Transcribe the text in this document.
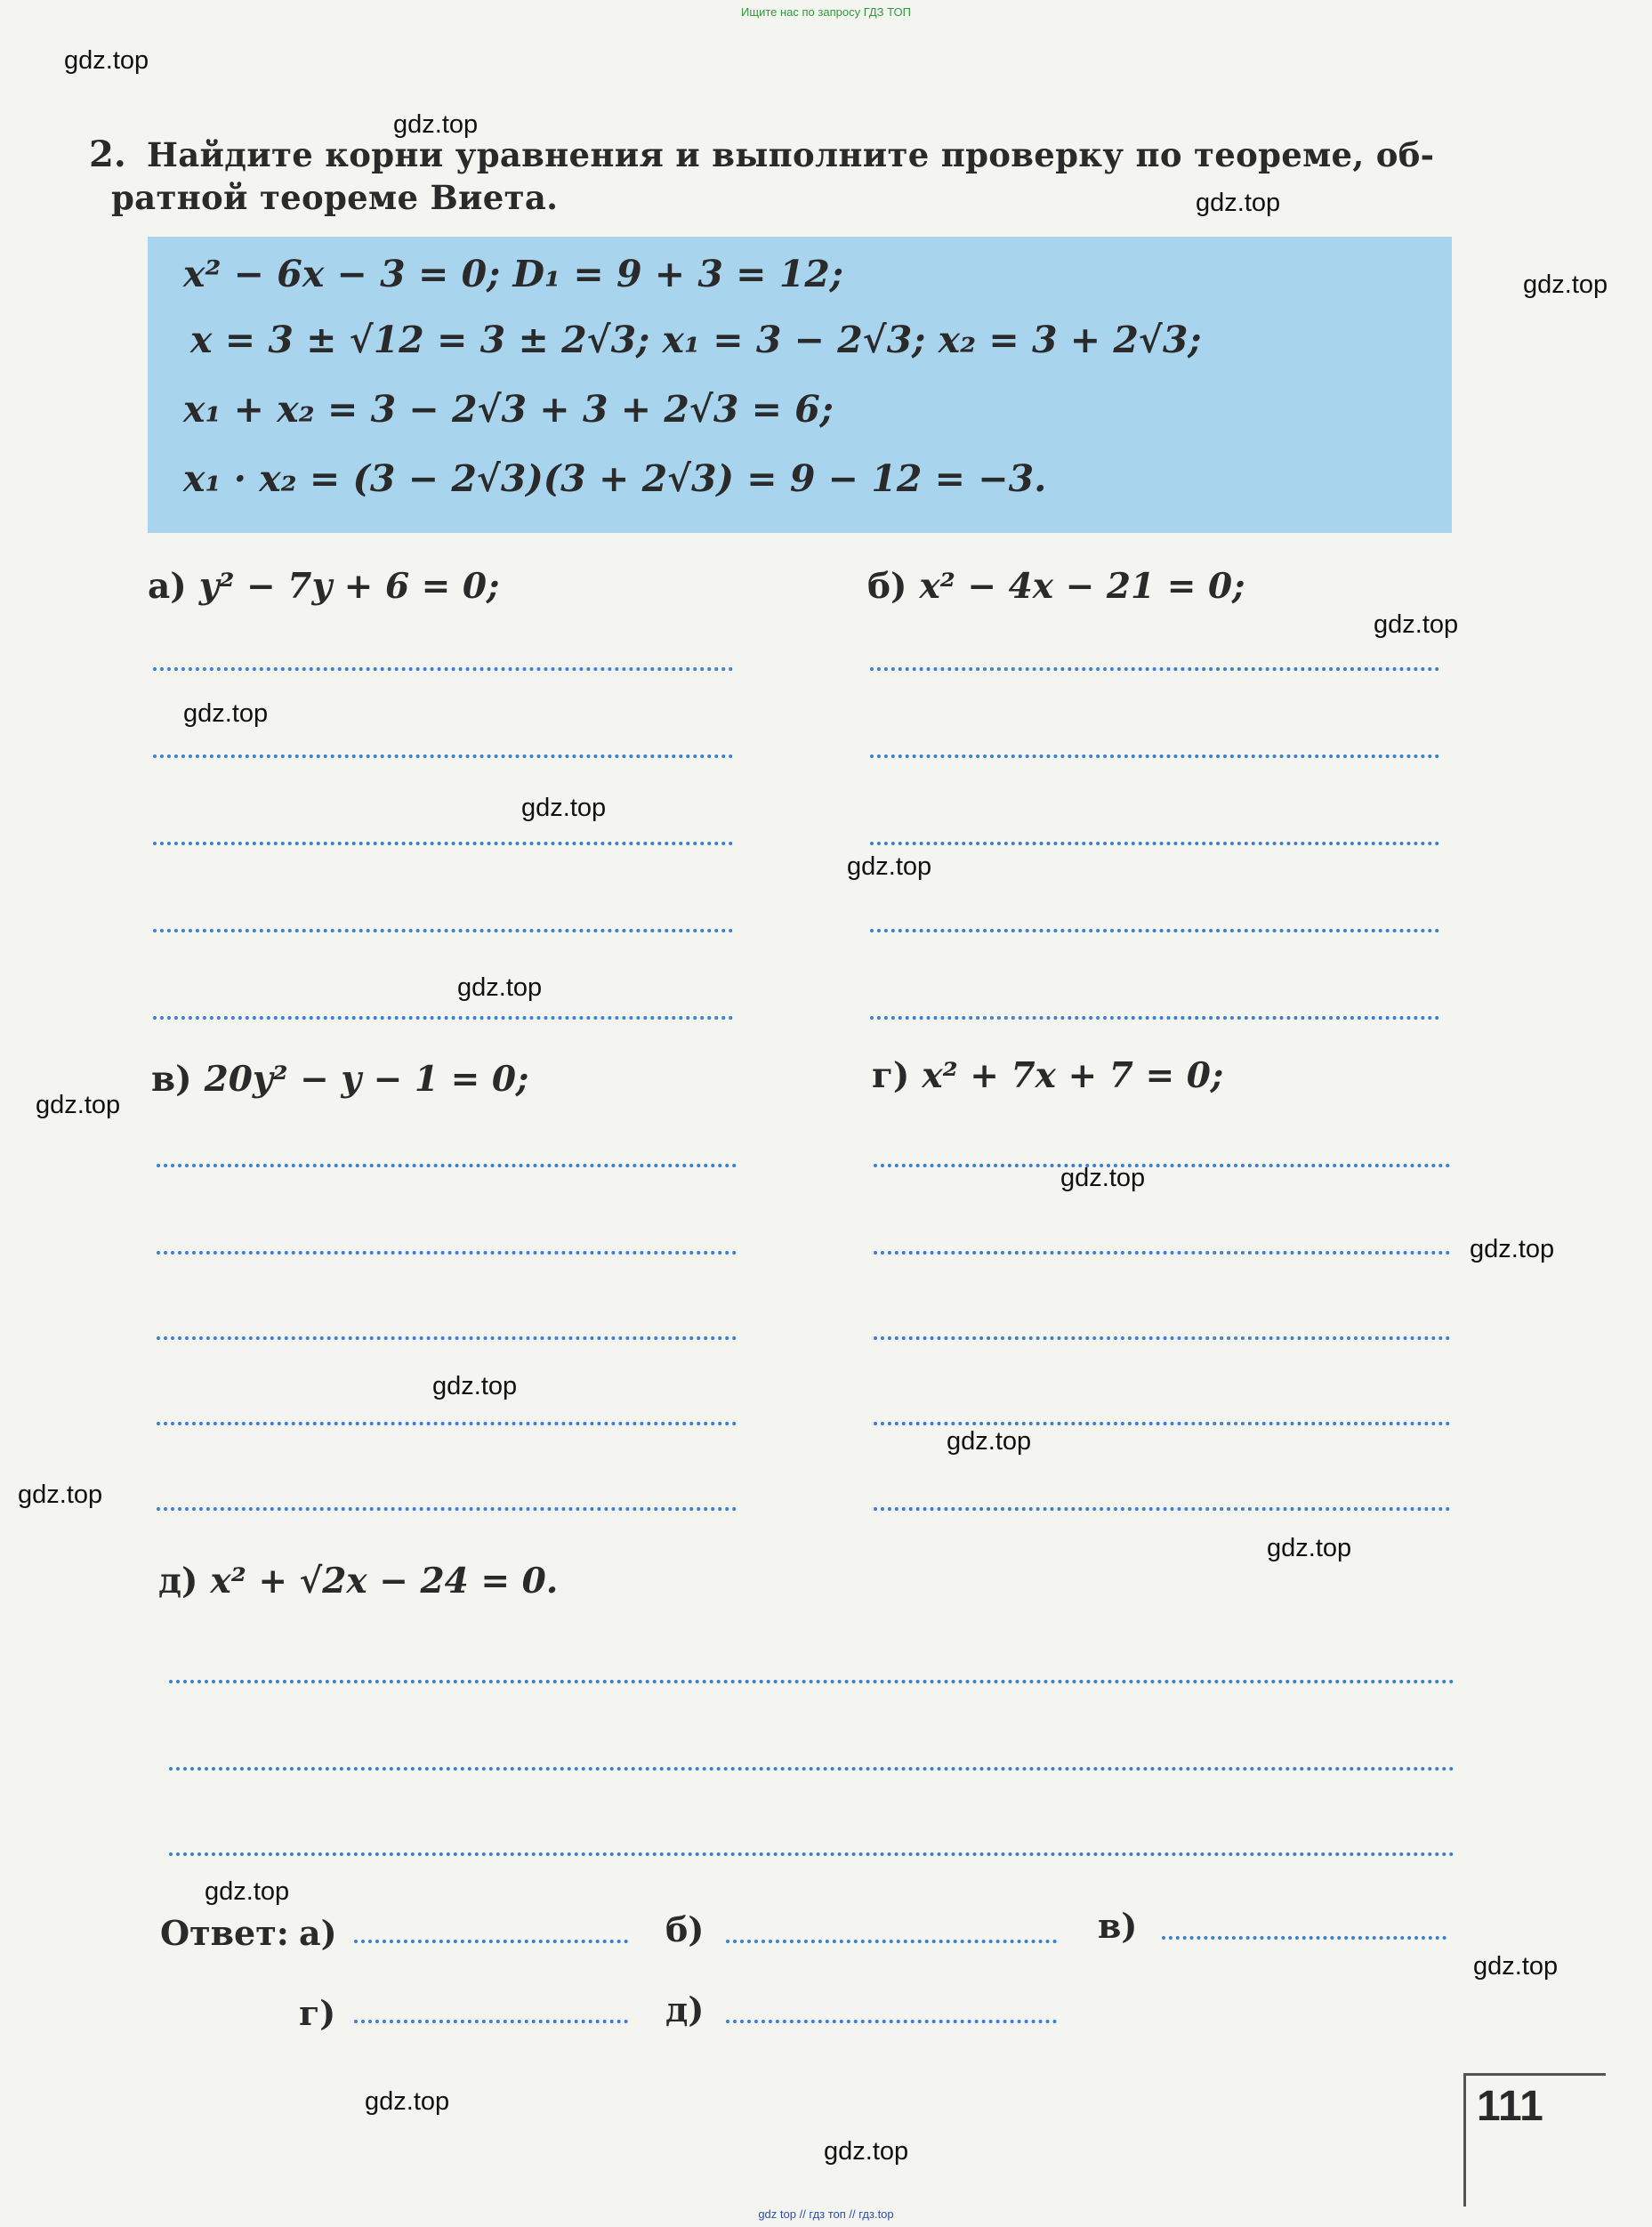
Ищите нас по запросу ГДЗ ТОП
gdz top // гдз топ // гдз.top
2. Найдите корни уравнения и выполните проверку по теореме, об-
ратной теореме Виета.
x² − 6x − 3 = 0; D₁ = 9 + 3 = 12;
x = 3 ± √12 = 3 ± 2√3; x₁ = 3 − 2√3; x₂ = 3 + 2√3;
x₁ + x₂ = 3 − 2√3 + 3 + 2√3 = 6;
x₁ · x₂ = (3 − 2√3)(3 + 2√3) = 9 − 12 = −3.
а) y² − 7y + 6 = 0;	б) x² − 4x − 21 = 0;
в) 20y² − y − 1 = 0;	г) x² + 7x + 7 = 0;
д) x² + √2x − 24 = 0.
Ответ: а)	б)	в)
г)	д)
111
gdz.top
gdz.top
gdz.top
gdz.top
gdz.top
gdz.top
gdz.top
gdz.top
gdz.top
gdz.top
gdz.top
gdz.top
gdz.top
gdz.top
gdz.top
gdz.top
gdz.top
gdz.top
gdz.top
gdz.top
